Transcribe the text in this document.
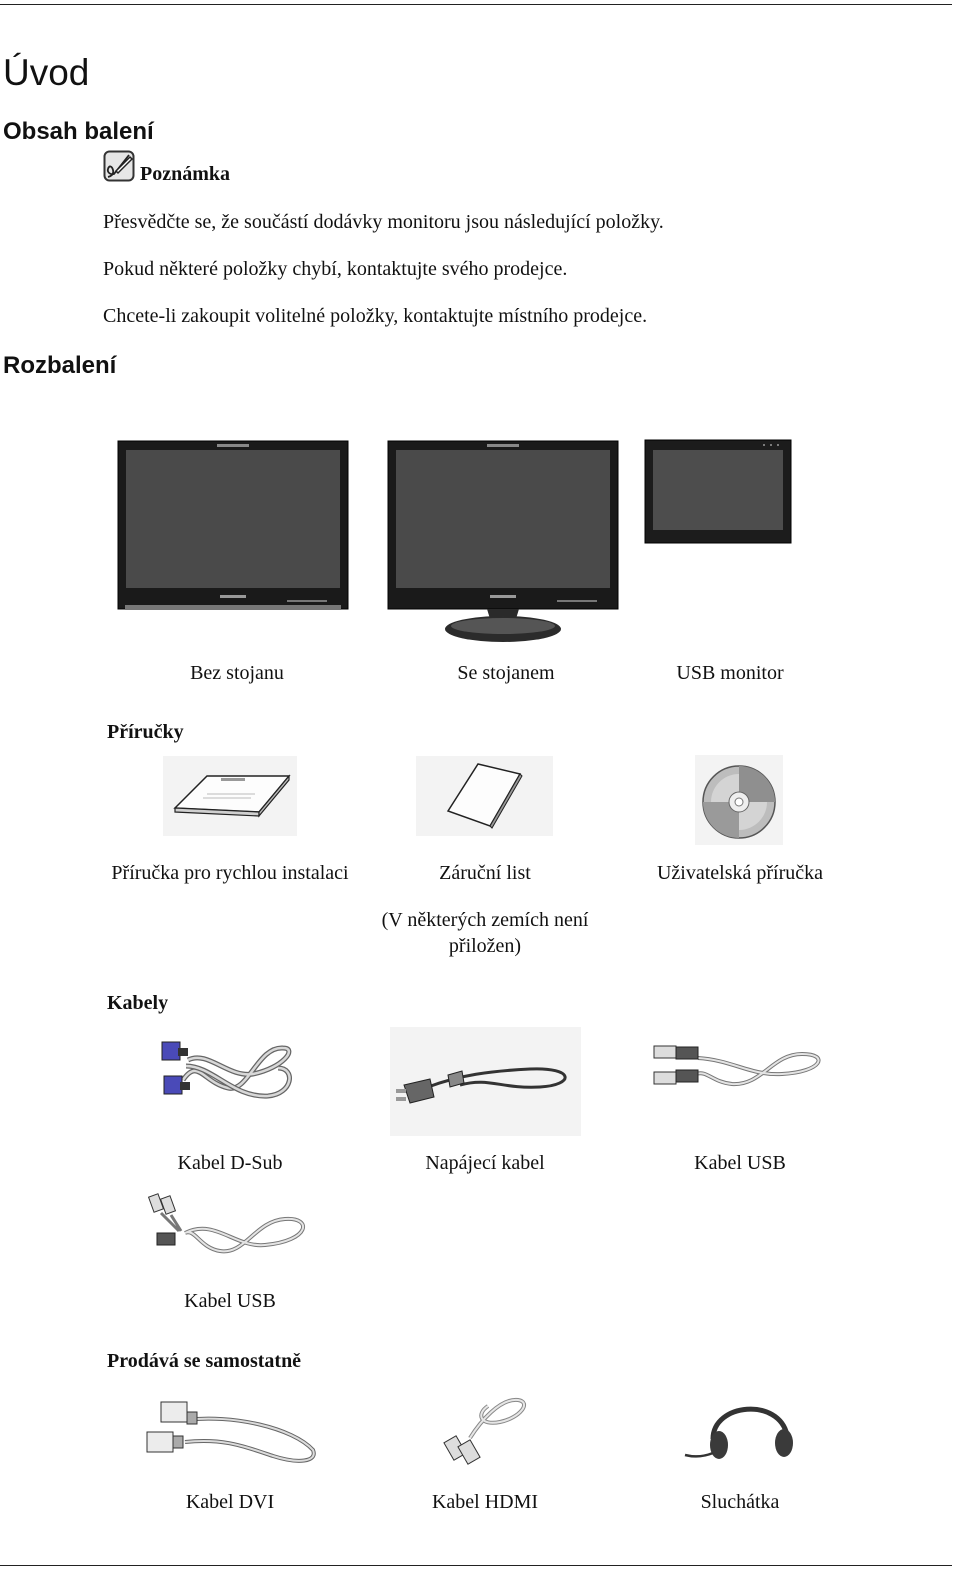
Úvod
Obsah balení
Poznámka
Přesvědčte se, že součástí dodávky monitoru jsou následující položky.
Pokud některé položky chybí, kontaktujte svého prodejce.
Chcete-li zakoupit volitelné položky, kontaktujte místního prodejce.
Rozbalení
Bez stojanu	Se stojanem	USB monitor
Příručky
Příručka pro rychlou instalaci	Záruční list	Uživatelská příručka
(V některých zemích není přiložen)
Kabely
Kabel D-Sub	Napájecí kabel	Kabel USB
Kabel USB
Prodává se samostatně
Kabel DVI	Kabel HDMI	Sluchátka
